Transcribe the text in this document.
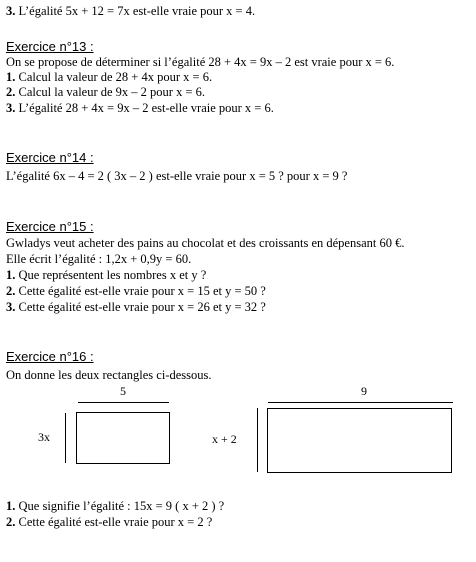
3. L’égalité 5x + 12 = 7x est-elle vraie pour x = 4.
Exercice n°13 :
On se propose de déterminer si l’égalité 28 + 4x = 9x – 2 est vraie pour x = 6.
1. Calcul la valeur de 28 + 4x pour x = 6.
2. Calcul la valeur de 9x – 2 pour x = 6.
3. L’égalité 28 + 4x = 9x – 2 est-elle vraie pour x = 6.
Exercice n°14 :
L’égalité 6x – 4 = 2 ( 3x – 2 ) est-elle vraie pour x = 5 ? pour x = 9 ?
Exercice n°15 :
Gwladys veut acheter des pains au chocolat et des croissants en dépensant 60 €.
Elle écrit l’égalité : 1,2x + 0,9y = 60.
1. Que représentent les nombres x et y ?
2. Cette égalité est-elle vraie pour x = 15 et y = 50 ?
3. Cette égalité est-elle vraie pour x = 26 et y = 32 ?
Exercice n°16 :
On donne les deux rectangles ci-dessous.
5
3x
9
x + 2
1. Que signifie l’égalité : 15x = 9 ( x + 2 ) ?
2. Cette égalité est-elle vraie pour x = 2 ?
